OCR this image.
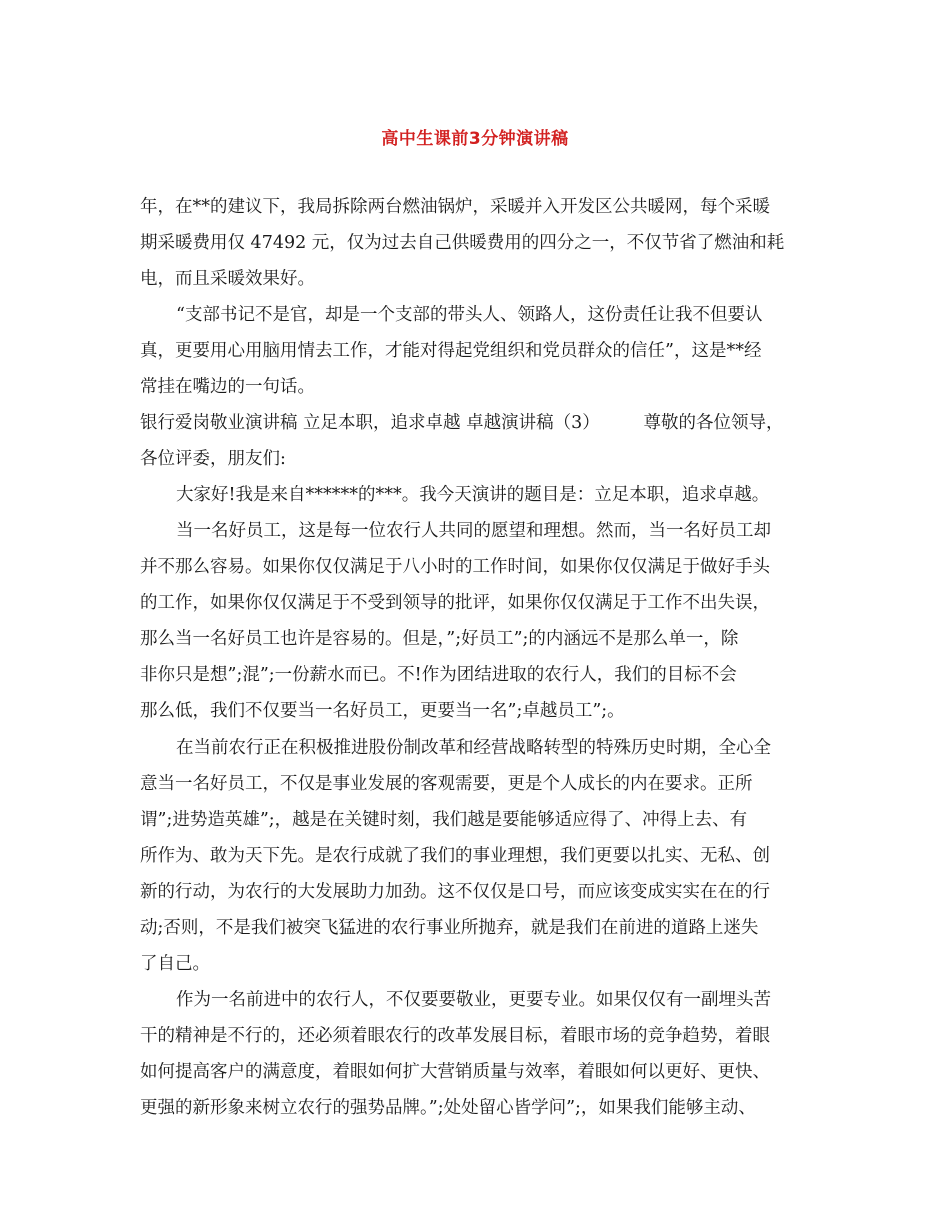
高中生课前3分钟演讲稿
年，在**的建议下，我局拆除两台燃油锅炉，采暖并入开发区公共暖网，每个采暖
期采暖费用仅 47492 元，仅为过去自己供暖费用的四分之一，不仅节省了燃油和耗
电，而且采暖效果好。
“支部书记不是官，却是一个支部的带头人、领路人，这份责任让我不但要认
真，更要用心用脑用情去工作，才能对得起党组织和党员群众的信任”，这是**经
常挂在嘴边的一句话。
银行爱岗敬业演讲稿 立足本职，追求卓越 卓越演讲稿（3）　　　尊敬的各位领导，
各位评委，朋友们:
大家好!我是来自******的***。我今天演讲的题目是：立足本职，追求卓越。
当一名好员工，这是每一位农行人共同的愿望和理想。然而，当一名好员工却
并不那么容易。如果你仅仅满足于八小时的工作时间，如果你仅仅满足于做好手头
的工作，如果你仅仅满足于不受到领导的批评，如果你仅仅满足于工作不出失误，
那么当一名好员工也许是容易的。但是，”;好员工”;的内涵远不是那么单一，除
非你只是想”;混”;一份薪水而已。不!作为团结进取的农行人，我们的目标不会
那么低，我们不仅要当一名好员工，更要当一名”;卓越员工”;。
在当前农行正在积极推进股份制改革和经营战略转型的特殊历史时期，全心全
意当一名好员工，不仅是事业发展的客观需要，更是个人成长的内在要求。正所
谓”;进势造英雄”;，越是在关键时刻，我们越是要能够适应得了、冲得上去、有
所作为、敢为天下先。是农行成就了我们的事业理想，我们更要以扎实、无私、创
新的行动，为农行的大发展助力加劲。这不仅仅是口号，而应该变成实实在在的行
动;否则，不是我们被突飞猛进的农行事业所抛弃，就是我们在前进的道路上迷失
了自己。
作为一名前进中的农行人，不仅要要敬业，更要专业。如果仅仅有一副埋头苦
干的精神是不行的，还必须着眼农行的改革发展目标，着眼市场的竞争趋势，着眼
如何提高客户的满意度，着眼如何扩大营销质量与效率，着眼如何以更好、更快、
更强的新形象来树立农行的强势品牌。”;处处留心皆学问”;，如果我们能够主动、
